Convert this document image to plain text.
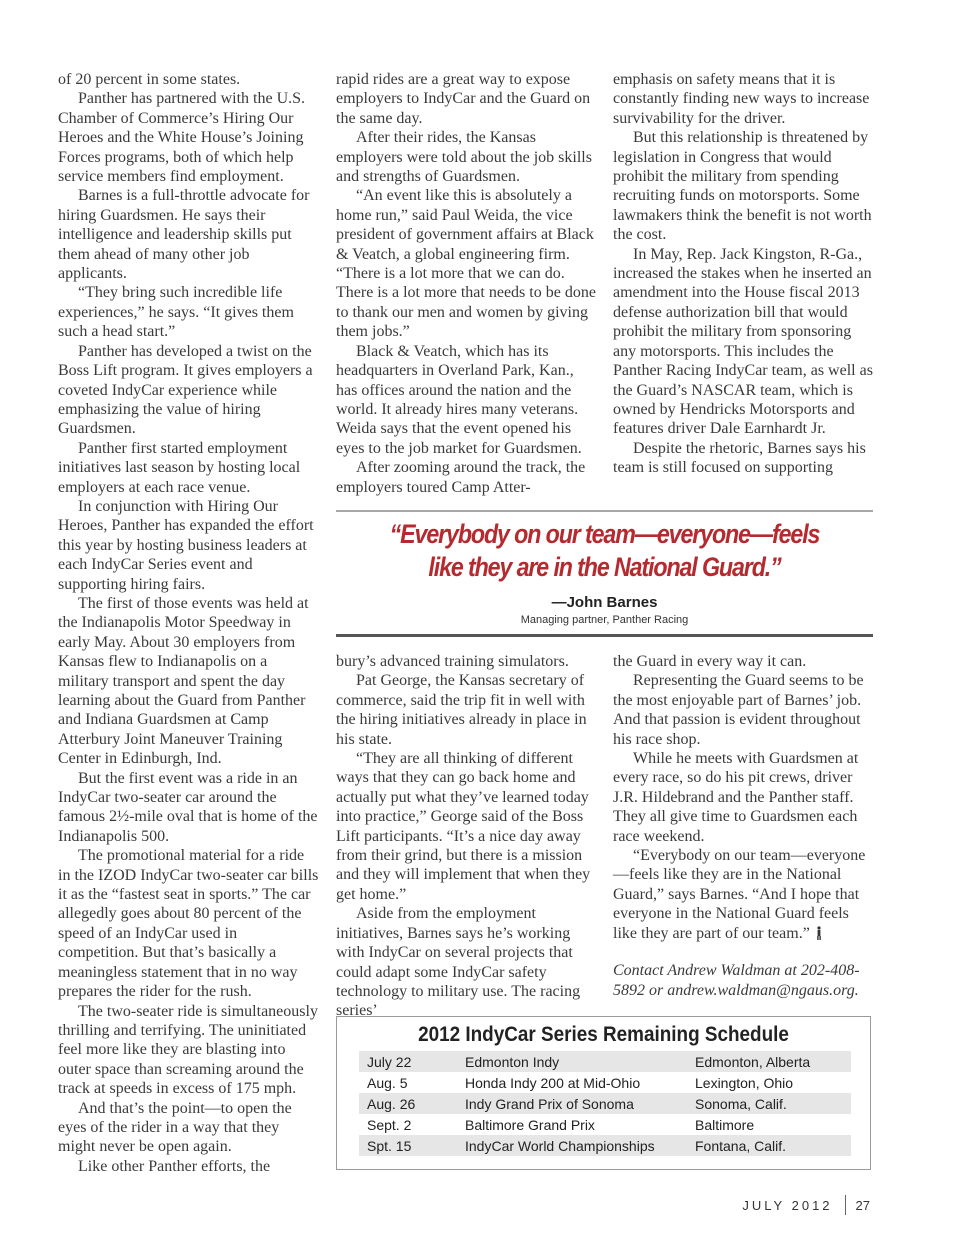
of 20 percent in some states.

Panther has partnered with the U.S. Chamber of Commerce’s Hiring Our Heroes and the White House’s Joining Forces programs, both of which help service members find employment.

Barnes is a full-throttle advocate for hiring Guardsmen. He says their intelligence and leadership skills put them ahead of many other job applicants.

“They bring such incredible life experiences,” he says. “It gives them such a head start.”

Panther has developed a twist on the Boss Lift program. It gives employers a coveted IndyCar experience while emphasizing the value of hiring Guardsmen.

Panther first started employment initiatives last season by hosting local employers at each race venue.

In conjunction with Hiring Our Heroes, Panther has expanded the effort this year by hosting business leaders at each IndyCar Series event and supporting hiring fairs.

The first of those events was held at the Indianapolis Motor Speedway in early May. About 30 employers from Kansas flew to Indianapolis on a military transport and spent the day learning about the Guard from Panther and Indiana Guardsmen at Camp Atterbury Joint Maneuver Training Center in Edinburgh, Ind.

But the first event was a ride in an IndyCar two-seater car around the famous 2½-mile oval that is home of the Indianapolis 500.

The promotional material for a ride in the IZOD IndyCar two-seater car bills it as the “fastest seat in sports.” The car allegedly goes about 80 percent of the speed of an IndyCar used in competition. But that’s basically a meaningless statement that in no way prepares the rider for the rush.

The two-seater ride is simultaneously thrilling and terrifying. The uninitiated feel more like they are blasting into outer space than screaming around the track at speeds in excess of 175 mph.

And that’s the point—to open the eyes of the rider in a way that they might never be open again.

Like other Panther efforts, the

rapid rides are a great way to expose employers to IndyCar and the Guard on the same day.

After their rides, the Kansas employers were told about the job skills and strengths of Guardsmen.

“An event like this is absolutely a home run,” said Paul Weida, the vice president of government affairs at Black & Veatch, a global engineering firm. “There is a lot more that we can do. There is a lot more that needs to be done to thank our men and women by giving them jobs.”

Black & Veatch, which has its headquarters in Overland Park, Kan., has offices around the nation and the world. It already hires many veterans. Weida says that the event opened his eyes to the job market for Guardsmen.

After zooming around the track, the employers toured Camp Atter-

emphasis on safety means that it is constantly finding new ways to increase survivability for the driver.

But this relationship is threatened by legislation in Congress that would prohibit the military from spending recruiting funds on motorsports. Some lawmakers think the benefit is not worth the cost.

In May, Rep. Jack Kingston, R-Ga., increased the stakes when he inserted an amendment into the House fiscal 2013 defense authorization bill that would prohibit the military from sponsoring any motorsports. This includes the Panther Racing IndyCar team, as well as the Guard’s NASCAR team, which is owned by Hendricks Motorsports and features driver Dale Earnhardt Jr.

Despite the rhetoric, Barnes says his team is still focused on supporting

“Everybody on our team—everyone—feels like they are in the National Guard.”
—John Barnes
Managing partner, Panther Racing

bury’s advanced training simulators.

Pat George, the Kansas secretary of commerce, said the trip fit in well with the hiring initiatives already in place in his state.

“They are all thinking of different ways that they can go back home and actually put what they’ve learned today into practice,” George said of the Boss Lift participants. “It’s a nice day away from their grind, but there is a mission and they will implement that when they get home.”

Aside from the employment initiatives, Barnes says he’s working with IndyCar on several projects that could adapt some IndyCar safety technology to military use. The racing series’

the Guard in every way it can.

Representing the Guard seems to be the most enjoyable part of Barnes’ job. And that passion is evident throughout his race shop.

While he meets with Guardsmen at every race, so do his pit crews, driver J.R. Hildebrand and the Panther staff. They all give time to Guardsmen each race weekend.

“Everybody on our team—everyone—feels like they are in the National Guard,” says Barnes. “And I hope that everyone in the National Guard feels like they are part of our team.”

Contact Andrew Waldman at 202-408-5892 or andrew.waldman@ngaus.org.

2012 IndyCar Series Remaining Schedule
July 22	Edmonton Indy	Edmonton, Alberta
Aug. 5	Honda Indy 200 at Mid-Ohio	Lexington, Ohio
Aug. 26	Indy Grand Prix of Sonoma	Sonoma, Calif.
Sept. 2	Baltimore Grand Prix	Baltimore
Spt. 15	IndyCar World Championships	Fontana, Calif.
JULY 2012 27
